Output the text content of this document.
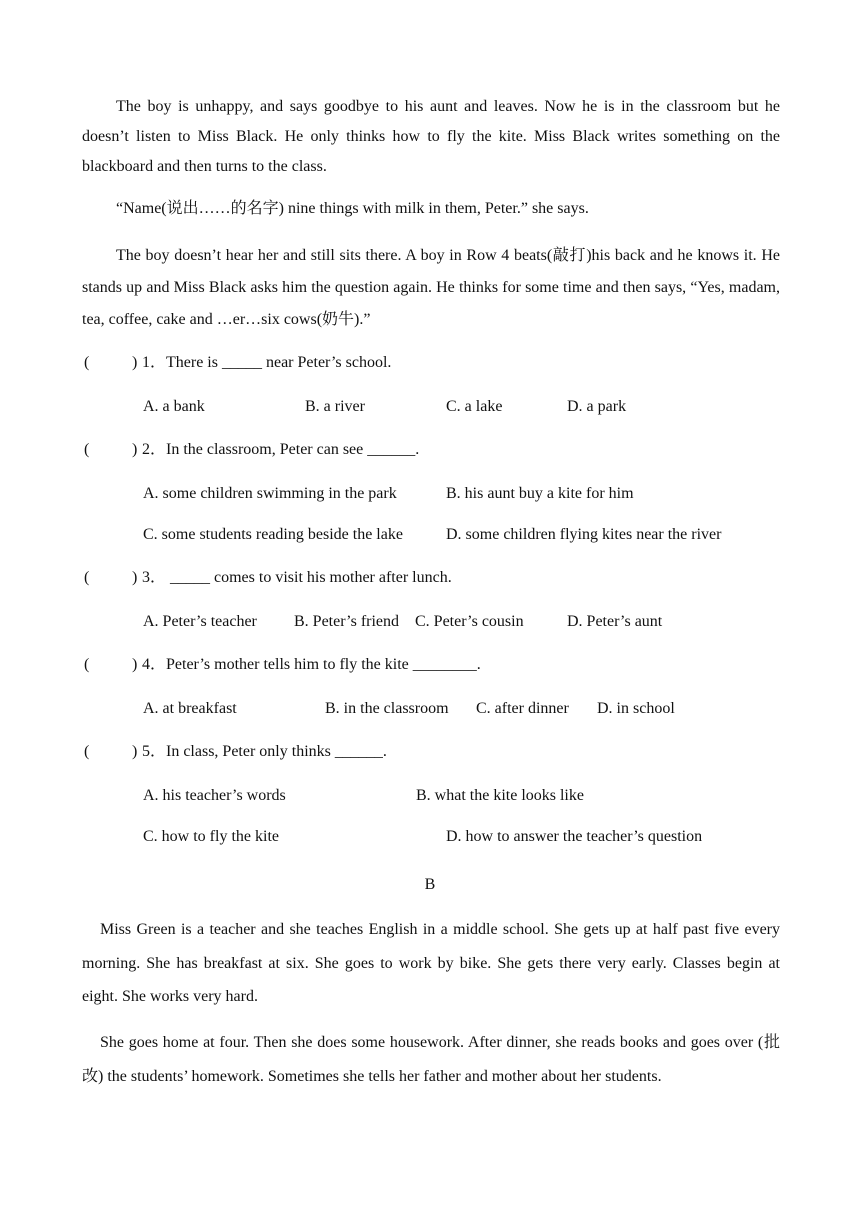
The boy is unhappy, and says goodbye to his aunt and leaves. Now he is in the classroom but he doesn’t listen to Miss Black. He only thinks how to fly the kite. Miss Black writes something on the blackboard and then turns to the class.

“Name(说出……的名字) nine things with milk in them, Peter.” she says.

The boy doesn’t hear her and still sits there. A boy in Row 4 beats(敲打)his back and he knows it. He stands up and Miss Black asks him the question again. He thinks for some time and then says, “Yes, madam, tea, coffee, cake and …er…six cows(奶牛).”

(	) 1．There is _____ near Peter’s school.
A. a bank	B. a river	C. a lake	D. a park
(	) 2．In the classroom, Peter can see ______.
A. some children swimming in the park	B. his aunt buy a kite for him
C. some students reading beside the lake	D. some children flying kites near the river
(	) 3． _____ comes to visit his mother after lunch.
A. Peter’s teacher B. Peter’s friend C. Peter’s cousin	D. Peter’s aunt
(	) 4．Peter’s mother tells him to fly the kite ________.
A. at breakfast	B. in the classroom C. after dinner D. in school
(	) 5．In class, Peter only thinks ______.
A. his teacher’s words	B. what the kite looks like
C. how to fly the kite	D. how to answer the teacher’s question
B

Miss Green is a teacher and she teaches English in a middle school. She gets up at half past five every morning. She has breakfast at six. She goes to work by bike. She gets there very early. Classes begin at eight. She works very hard.

She goes home at four. Then she does some housework. After dinner, she reads books and goes over (批改) the students’ homework. Sometimes she tells her father and mother about her students.
